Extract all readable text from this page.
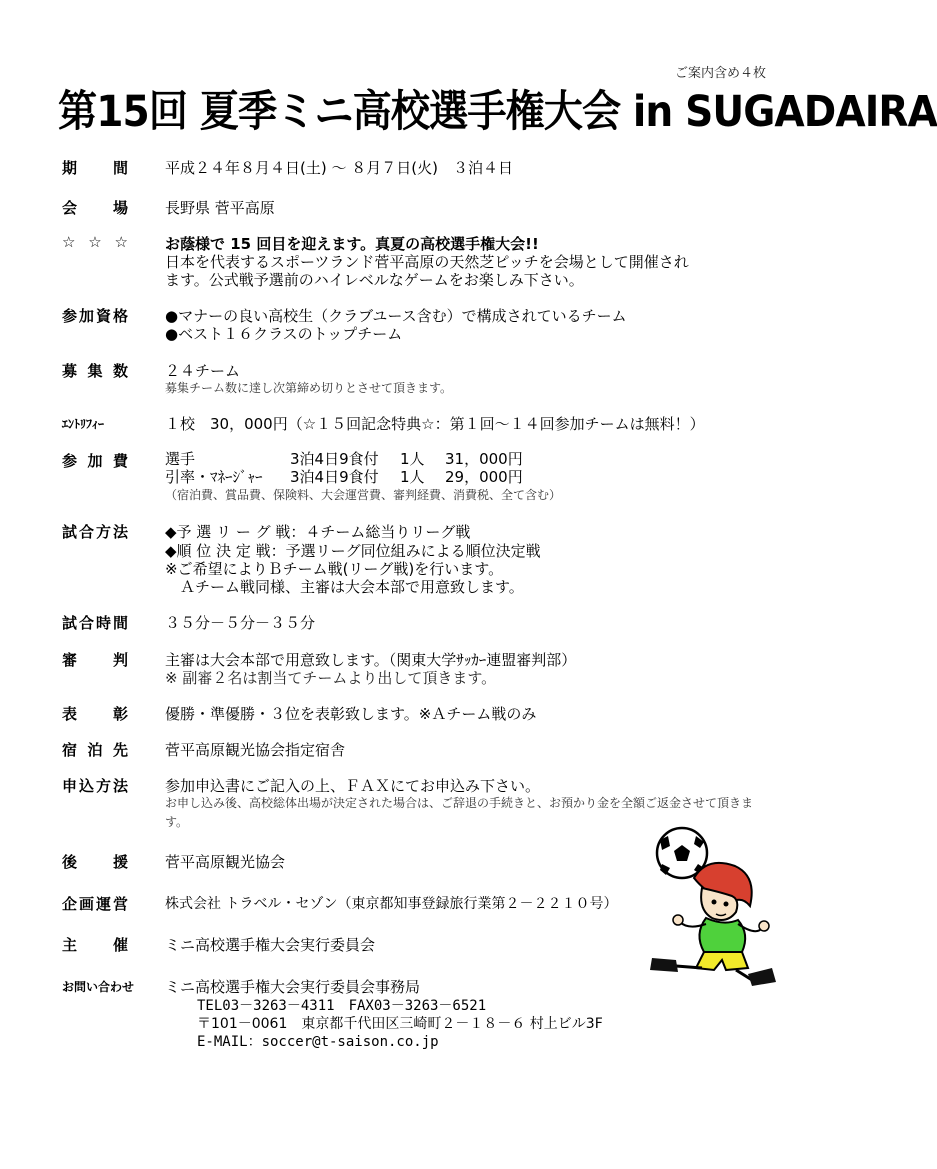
ご案内含め４枚
第15回 夏季ミニ高校選手権大会 in SUGADAIRA
期　間 平成２４年８月４日(土) ～ ８月７日(火)　３泊４日
会　場 長野県 菅平高原
☆ ☆ ☆ お蔭様で 15 回目を迎えます。真夏の高校選手権大会!!
日本を代表するスポーツランド菅平高原の天然芝ピッチを会場として開催され
ます。公式戦予選前のハイレベルなゲームをお楽しみ下さい。
参加資格 ●マナーの良い高校生（クラブユース含む）で構成されているチーム
●ベスト１６クラスのトップチーム
募 集 数 ２４チーム
募集チーム数に達し次第締め切りとさせて頂きます。
ｴﾝﾄﾘﾌｨｰ	１校　30，000円（☆１５回記念特典☆：第１回～１４回参加チームは無料！）
参 加 費 選手	3泊4日9食付 1人 31，000円
引率・ﾏﾈｰｼﾞｬｰ 3泊4日9食付 1人 29，000円
（宿泊費、賞品費、保険料、大会運営費、審判経費、消費税、全て含む）
試合方法 ◆予 選 リ ー グ 戦：４チーム総当りリーグ戦
◆順 位 決 定 戦：予選リーグ同位組みによる順位決定戦
※ご希望によりＢチーム戦(リーグ戦)を行います。
Ａチーム戦同様、主審は大会本部で用意致します。
試合時間 ３５分－５分－３５分
審　判 主審は大会本部で用意致します。（関東大学ｻｯｶｰ連盟審判部）
※ 副審２名は割当てチームより出して頂きます。
表　彰 優勝・準優勝・３位を表彰致します。※Ａチーム戦のみ
宿 泊 先 菅平高原観光協会指定宿舎
申込方法 参加申込書にご記入の上、ＦＡＸにてお申込み下さい。
お申し込み後、高校総体出場が決定された場合は、ご辞退の手続きと、お預かり金を全額ご返金させて頂きます。
後　援 菅平高原観光協会
企画運営	株式会社 トラベル・セゾン（東京都知事登録旅行業第２－２２１０号）
主　催 ミニ高校選手権大会実行委員会
お問い合わせ ミニ高校選手権大会実行委員会事務局
TEL03－3263－4311　FAX03－3263－6521
〒101－0061　東京都千代田区三崎町２－１８－６ 村上ビル3F
E-MAIL：soccer@t-saison.co.jp
